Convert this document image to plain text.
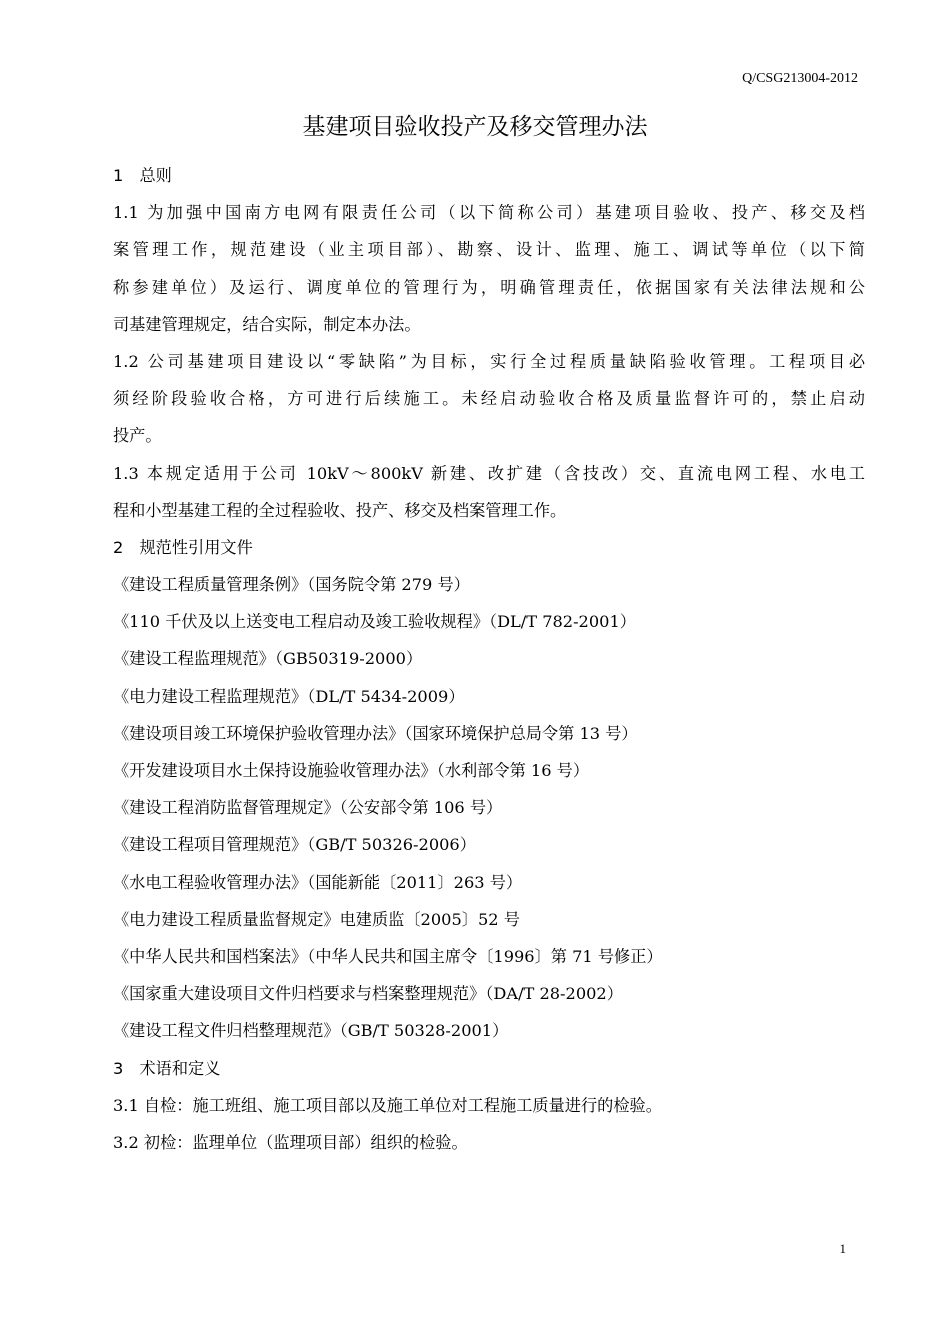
Q/CSG213004-2012
基建项目验收投产及移交管理办法
1　总则
1.1 为加强中国南方电网有限责任公司（以下简称公司）基建项目验收、投产、移交及档
案管理工作，规范建设（业主项目部）、勘察、设计、监理、施工、调试等单位（以下简
称参建单位）及运行、调度单位的管理行为，明确管理责任，依据国家有关法律法规和公
司基建管理规定，结合实际，制定本办法。
1.2 公司基建项目建设以“零缺陷”为目标，实行全过程质量缺陷验收管理。工程项目必
须经阶段验收合格，方可进行后续施工。未经启动验收合格及质量监督许可的，禁止启动
投产。
1.3 本规定适用于公司 10kV～800kV 新建、改扩建（含技改）交、直流电网工程、水电工
程和小型基建工程的全过程验收、投产、移交及档案管理工作。
2　规范性引用文件
《建设工程质量管理条例》（国务院令第 279 号）
《110 千伏及以上送变电工程启动及竣工验收规程》（DL/T 782-2001）
《建设工程监理规范》（GB50319-2000）
《电力建设工程监理规范》（DL/T 5434-2009）
《建设项目竣工环境保护验收管理办法》（国家环境保护总局令第 13 号）
《开发建设项目水土保持设施验收管理办法》（水利部令第 16 号）
《建设工程消防监督管理规定》（公安部令第 106 号）
《建设工程项目管理规范》（GB/T 50326-2006）
《水电工程验收管理办法》（国能新能〔2011〕263 号）
《电力建设工程质量监督规定》电建质监〔2005〕52 号
《中华人民共和国档案法》（中华人民共和国主席令〔1996〕第 71 号修正）
《国家重大建设项目文件归档要求与档案整理规范》（DA/T 28-2002）
《建设工程文件归档整理规范》（GB/T 50328-2001）
3　术语和定义
3.1 自检：施工班组、施工项目部以及施工单位对工程施工质量进行的检验。
3.2 初检：监理单位（监理项目部）组织的检验。
1
